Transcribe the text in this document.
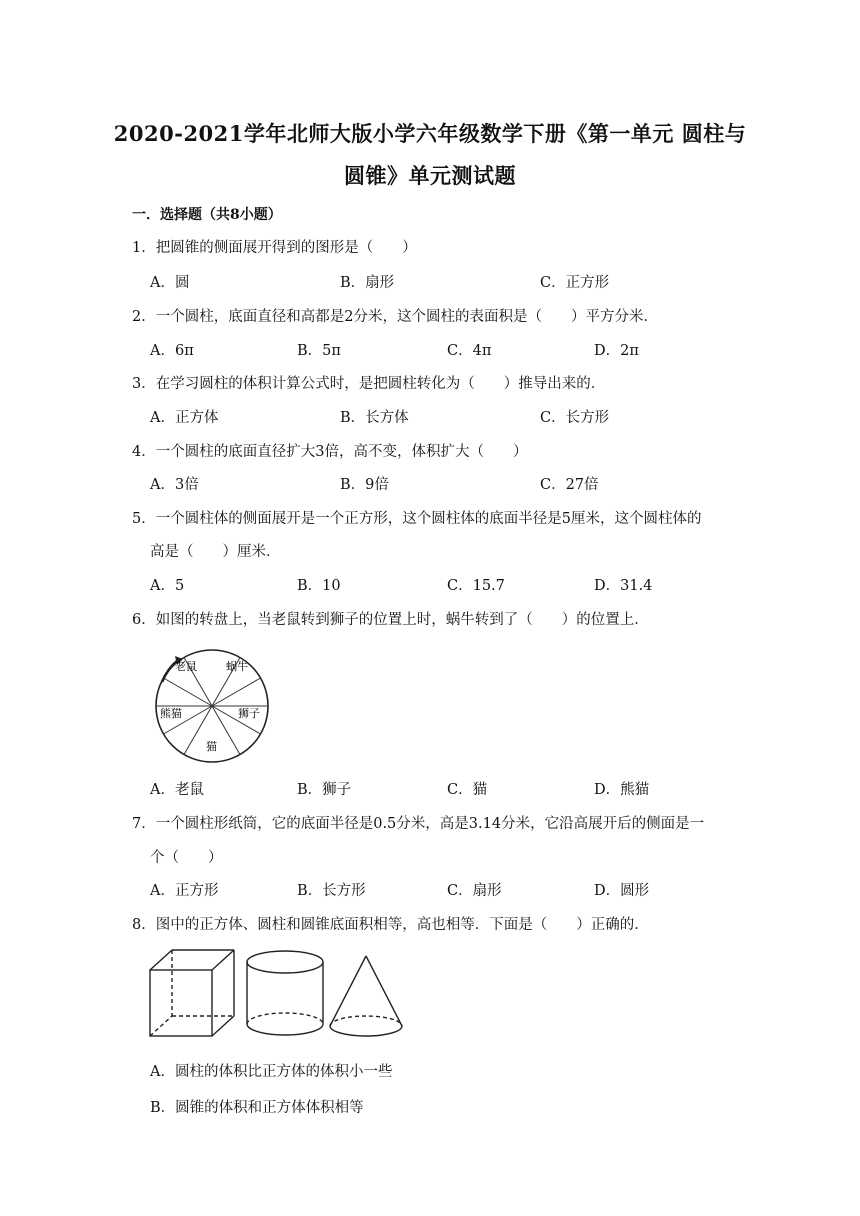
2020-2021学年北师大版小学六年级数学下册《第一单元 圆柱与
圆锥》单元测试题
一．选择题（共8小题）
1．把圆锥的侧面展开得到的图形是（　　）
A．圆	B．扇形	C．正方形
2．一个圆柱，底面直径和高都是2分米，这个圆柱的表面积是（　　）平方分米．
A．6π	B．5π	C．4π	D．2π
3．在学习圆柱的体积计算公式时，是把圆柱转化为（　　）推导出来的．
A．正方体	B．长方体	C．长方形
4．一个圆柱的底面直径扩大3倍，高不变，体积扩大（　　）
A．3倍	B．9倍	C．27倍
5．一个圆柱体的侧面展开是一个正方形，这个圆柱体的底面半径是5厘米，这个圆柱体的
高是（　　）厘米．
A．5	B．10	C．15.7	D．31.4
6．如图的转盘上，当老鼠转到狮子的位置上时，蜗牛转到了（　　）的位置上．
老鼠	蜗牛
熊猫	狮子
猫
A．老鼠	B．狮子	C．猫	D．熊猫
7．一个圆柱形纸筒，它的底面半径是0.5分米，高是3.14分米，它沿高展开后的侧面是一
个（　　）
A．正方形	B．长方形	C．扇形	D．圆形
8．图中的正方体、圆柱和圆锥底面积相等，高也相等．下面是（　　）正确的．
A．圆柱的体积比正方体的体积小一些
B．圆锥的体积和正方体体积相等
